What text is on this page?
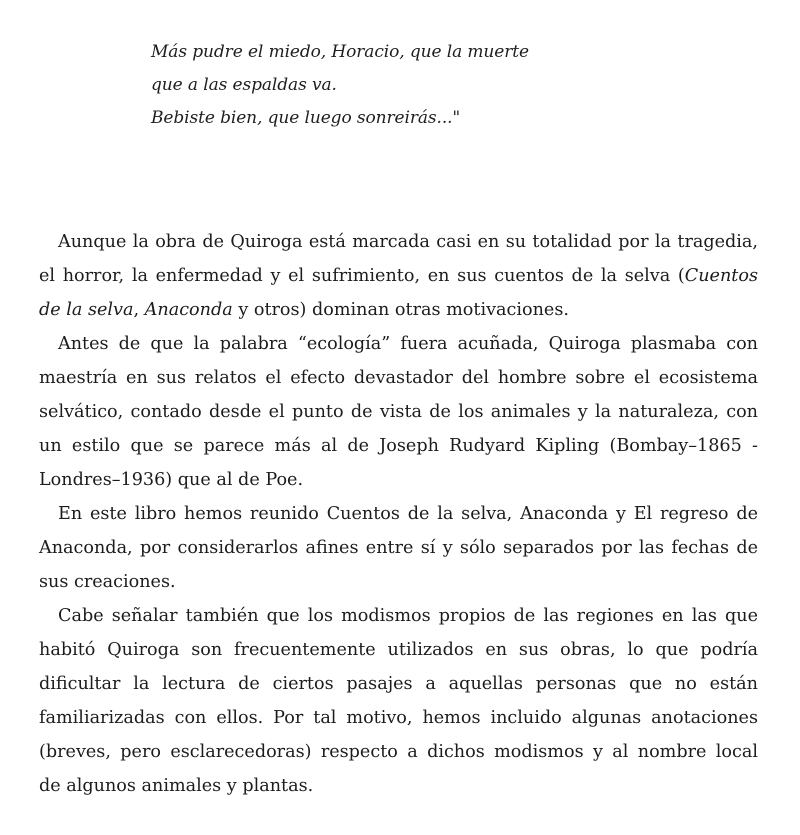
Más pudre el miedo, Horacio, que la muerte
que a las espaldas va.
Bebiste bien, que luego sonreirás..."
Aunque la obra de Quiroga está marcada casi en su totalidad por la tragedia,
el horror, la enfermedad y el sufrimiento, en sus cuentos de la selva (Cuentos
de la selva, Anaconda y otros) dominan otras motivaciones.
Antes de que la palabra “ecología” fuera acuñada, Quiroga plasmaba con
maestría en sus relatos el efecto devastador del hombre sobre el ecosistema
selvático, contado desde el punto de vista de los animales y la naturaleza, con
un estilo que se parece más al de Joseph Rudyard Kipling (Bombay–1865 -
Londres–1936) que al de Poe.
En este libro hemos reunido Cuentos de la selva, Anaconda y El regreso de
Anaconda, por considerarlos afines entre sí y sólo separados por las fechas de
sus creaciones.
Cabe señalar también que los modismos propios de las regiones en las que
habitó Quiroga son frecuentemente utilizados en sus obras, lo que podría
dificultar la lectura de ciertos pasajes a aquellas personas que no están
familiarizadas con ellos. Por tal motivo, hemos incluido algunas anotaciones
(breves, pero esclarecedoras) respecto a dichos modismos y al nombre local
de algunos animales y plantas.
